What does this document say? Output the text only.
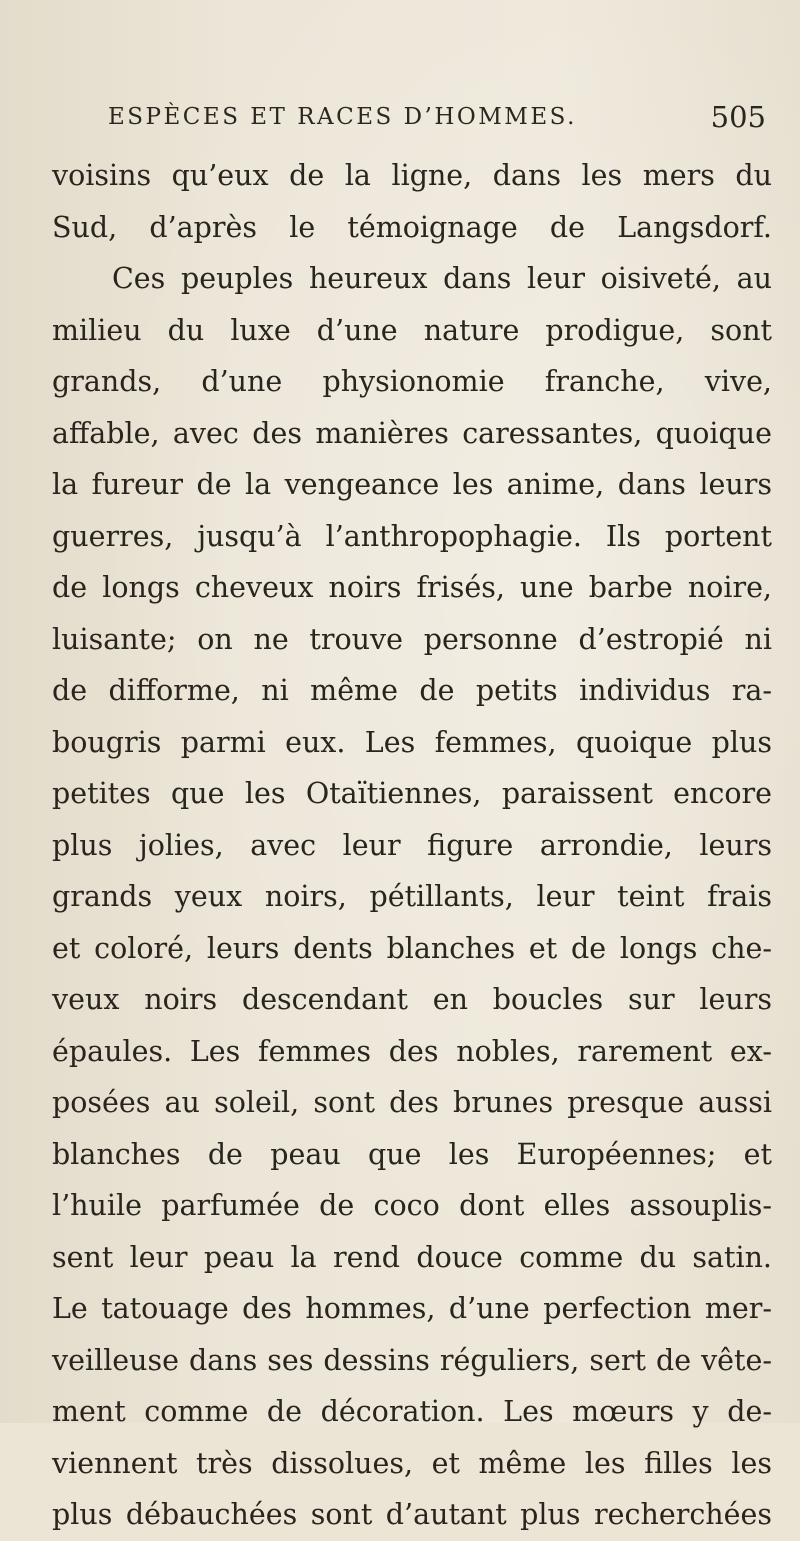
ESPÈCES ET RACES D’HOMMES.	505
voisins qu’eux de la ligne, dans les mers du
Sud, d’après le témoignage de Langsdorf.
Ces peuples heureux dans leur oisiveté, au
milieu du luxe d’une nature prodigue, sont
grands, d’une physionomie franche, vive,
affable, avec des manières caressantes, quoique
la fureur de la vengeance les anime, dans leurs
guerres, jusqu’à l’anthropophagie. Ils portent
de longs cheveux noirs frisés, une barbe noire,
luisante; on ne trouve personne d’estropié ni
de difforme, ni même de petits individus ra-
bougris parmi eux. Les femmes, quoique plus
petites que les Otaïtiennes, paraissent encore
plus jolies, avec leur figure arrondie, leurs
grands yeux noirs, pétillants, leur teint frais
et coloré, leurs dents blanches et de longs che-
veux noirs descendant en boucles sur leurs
épaules. Les femmes des nobles, rarement ex-
posées au soleil, sont des brunes presque aussi
blanches de peau que les Européennes; et
l’huile parfumée de coco dont elles assouplis-
sent leur peau la rend douce comme du satin.
Le tatouage des hommes, d’une perfection mer-
veilleuse dans ses dessins réguliers, sert de vête-
ment comme de décoration. Les mœurs y de-
viennent très dissolues, et même les filles les
plus débauchées sont d’autant plus recherchées
